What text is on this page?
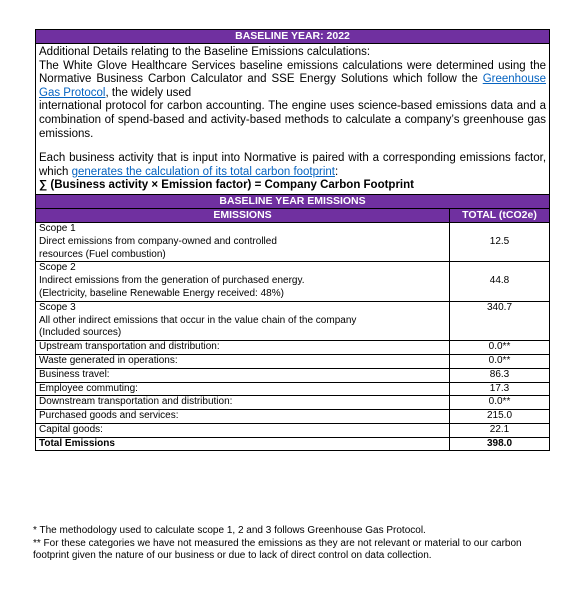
BASELINE YEAR: 2022	

Additional Details relating to the Baseline Emissions calculations:

The White Glove Healthcare Services baseline emissions calculations were determined using the Normative Business Carbon Calculator and SSE Energy Solutions which follow the Greenhouse Gas Protocol, the widely used

international protocol for carbon accounting. The engine uses science-based emissions data and a combination of spend-based and activity-based methods to calculate a company’s greenhouse gas emissions.

Each business activity that is input into Normative is paired with a corresponding emissions factor, which generates the calculation of its total carbon footprint:

∑ (Business activity × Emission factor) = Company Carbon Footprint	

BASELINE YEAR EMISSIONS	
EMISSIONS	TOTAL (tCO2e)

Scope 1
Direct emissions from company-owned and controlled
resources (Fuel combustion)	12.5

Scope 2
Indirect emissions from the generation of purchased energy.
(Electricity, baseline Renewable Energy received: 48%)	44.8

Scope 3
All other indirect emissions that occur in the value chain of the company
(Included sources)	340.7
Upstream transportation and distribution:	0.0**
Waste generated in operations:	0.0**
Business travel:	86.3
Employee commuting:	17.3
Downstream transportation and distribution:	0.0**
Purchased goods and services:	215.0
Capital goods:	22.1
Total Emissions	398.0

* The methodology used to calculate scope 1, 2 and 3 follows Greenhouse Gas Protocol.

** For these categories we have not measured the emissions as they are not relevant or material to our carbon footprint given the nature of our business or due to lack of direct control on data collection.
